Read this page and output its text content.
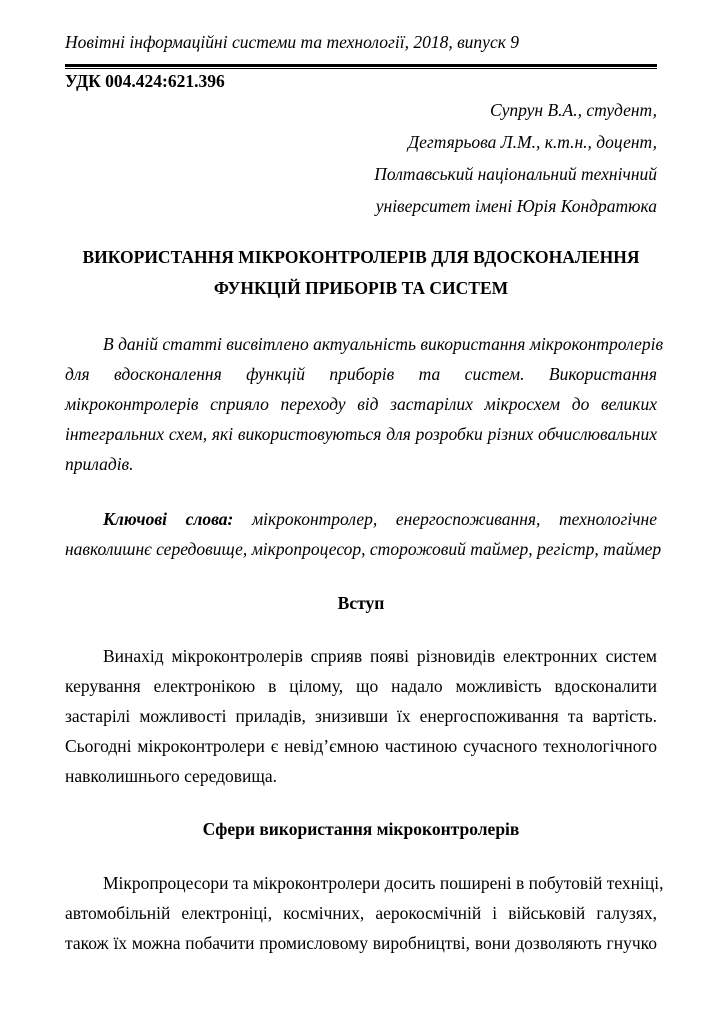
Новітні інформаційні системи та технології, 2018, випуск 9
УДК 004.424:621.396
Супрун В.А., студент,
Дегтярьова Л.М., к.т.н., доцент,
Полтавський національний технічний
університет імені Юрія Кондратюка
ВИКОРИСТАННЯ МІКРОКОНТРОЛЕРІВ ДЛЯ ВДОСКОНАЛЕННЯ
ФУНКЦІЙ ПРИБОРІВ ТА СИСТЕМ
В даній статті висвітлено актуальність використання мікроконтролерів
для вдосконалення функцій приборів та систем. Використання
мікроконтролерів сприяло переходу від застарілих мікросхем до великих
інтегральних схем, які використовуються для розробки різних обчислювальних
приладів.
Ключові слова: мікроконтролер, енергоспоживання, технологічне
навколишнє середовище, мікропроцесор, сторожовий таймер, регістр, таймер
Вступ
Винахід мікроконтролерів сприяв появі різновидів електронних систем
керування електронікою в цілому, що надало можливість вдосконалити
застарілі можливості приладів, знизивши їх енергоспоживання та вартість.
Сьогодні мікроконтролери є невід’ємною частиною сучасного технологічного
навколишнього середовища.
Сфери використання мікроконтролерів
Мікропроцесори та мікроконтролери досить поширені в побутовій техніці,
автомобільній електроніці, космічних, аерокосмічній і військовій галузях,
також їх можна побачити промисловому виробництві, вони дозволяють гнучко
